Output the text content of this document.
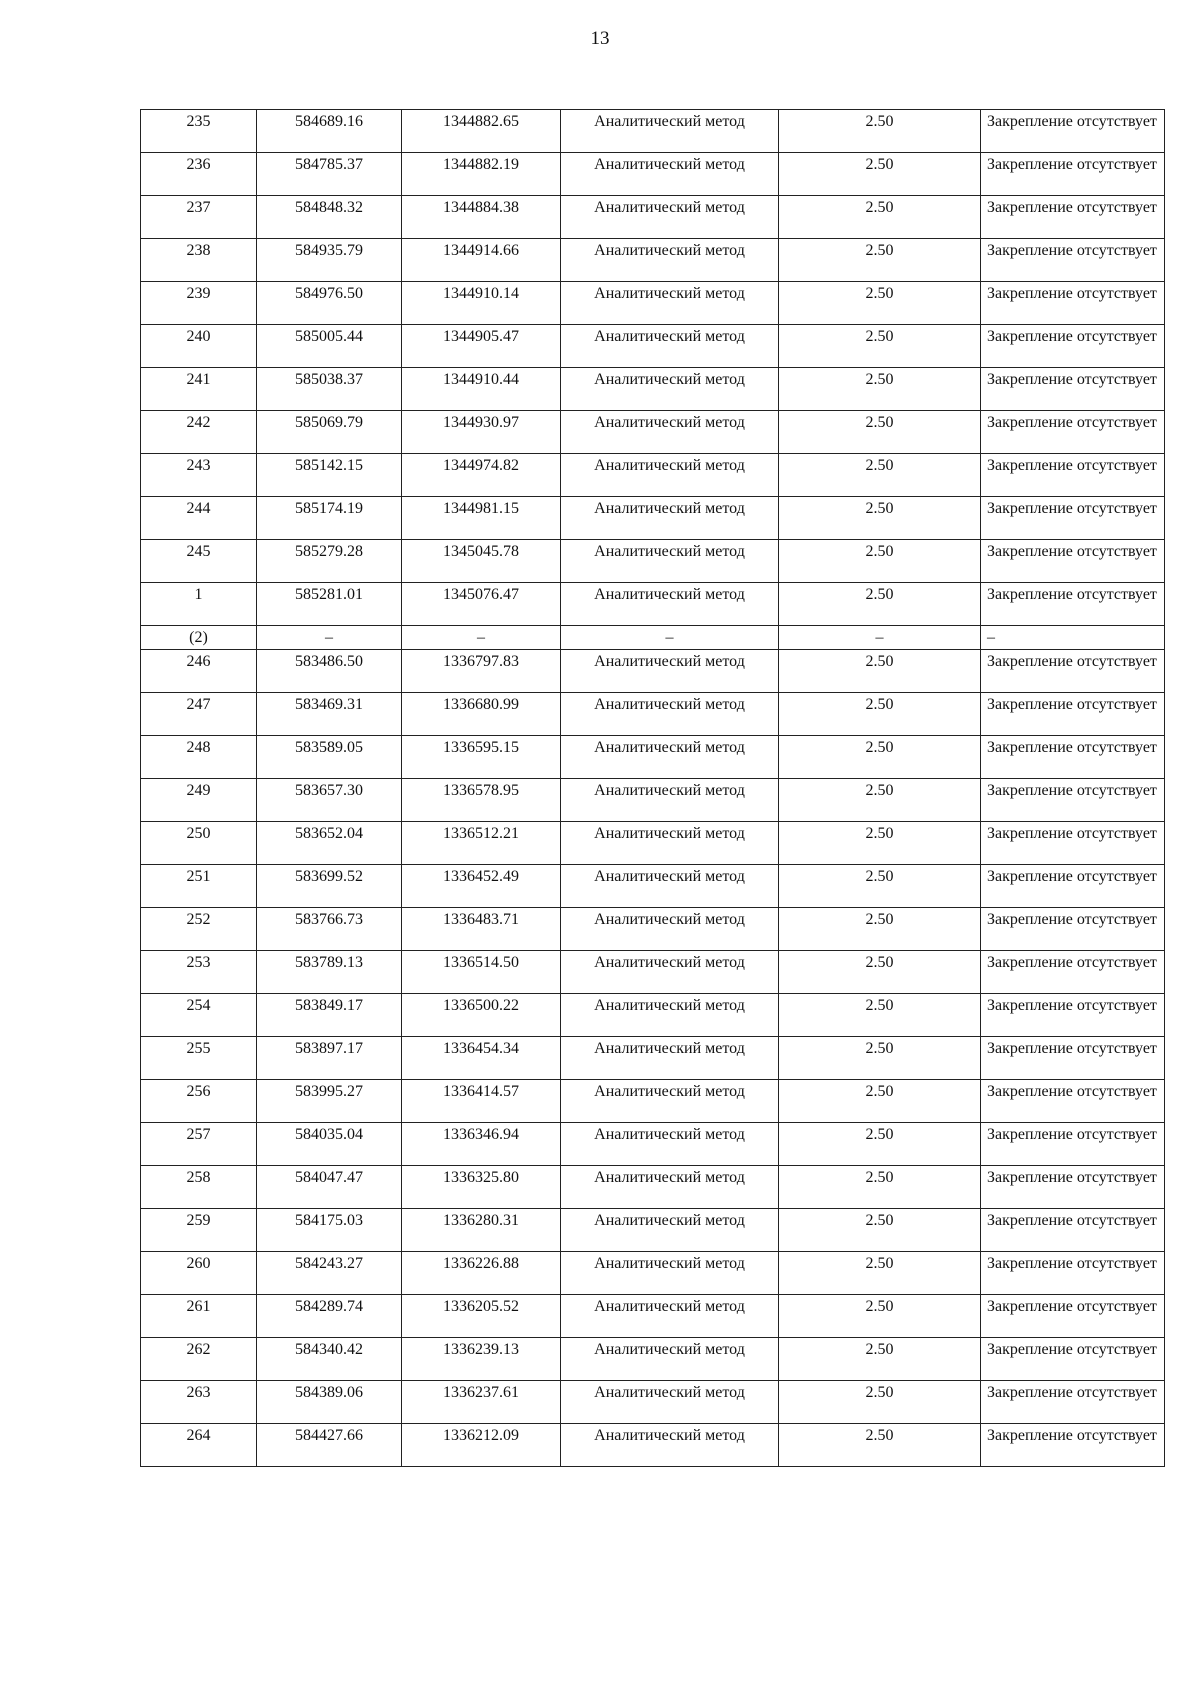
13
235	584689.16	1344882.65	Аналитический метод	2.50	Закрепление отсутствует
236	584785.37	1344882.19	Аналитический метод	2.50	Закрепление отсутствует
237	584848.32	1344884.38	Аналитический метод	2.50	Закрепление отсутствует
238	584935.79	1344914.66	Аналитический метод	2.50	Закрепление отсутствует
239	584976.50	1344910.14	Аналитический метод	2.50	Закрепление отсутствует
240	585005.44	1344905.47	Аналитический метод	2.50	Закрепление отсутствует
241	585038.37	1344910.44	Аналитический метод	2.50	Закрепление отсутствует
242	585069.79	1344930.97	Аналитический метод	2.50	Закрепление отсутствует
243	585142.15	1344974.82	Аналитический метод	2.50	Закрепление отсутствует
244	585174.19	1344981.15	Аналитический метод	2.50	Закрепление отсутствует
245	585279.28	1345045.78	Аналитический метод	2.50	Закрепление отсутствует
1	585281.01	1345076.47	Аналитический метод	2.50	Закрепление отсутствует
(2)	–	–	–	–	–
246	583486.50	1336797.83	Аналитический метод	2.50	Закрепление отсутствует
247	583469.31	1336680.99	Аналитический метод	2.50	Закрепление отсутствует
248	583589.05	1336595.15	Аналитический метод	2.50	Закрепление отсутствует
249	583657.30	1336578.95	Аналитический метод	2.50	Закрепление отсутствует
250	583652.04	1336512.21	Аналитический метод	2.50	Закрепление отсутствует
251	583699.52	1336452.49	Аналитический метод	2.50	Закрепление отсутствует
252	583766.73	1336483.71	Аналитический метод	2.50	Закрепление отсутствует
253	583789.13	1336514.50	Аналитический метод	2.50	Закрепление отсутствует
254	583849.17	1336500.22	Аналитический метод	2.50	Закрепление отсутствует
255	583897.17	1336454.34	Аналитический метод	2.50	Закрепление отсутствует
256	583995.27	1336414.57	Аналитический метод	2.50	Закрепление отсутствует
257	584035.04	1336346.94	Аналитический метод	2.50	Закрепление отсутствует
258	584047.47	1336325.80	Аналитический метод	2.50	Закрепление отсутствует
259	584175.03	1336280.31	Аналитический метод	2.50	Закрепление отсутствует
260	584243.27	1336226.88	Аналитический метод	2.50	Закрепление отсутствует
261	584289.74	1336205.52	Аналитический метод	2.50	Закрепление отсутствует
262	584340.42	1336239.13	Аналитический метод	2.50	Закрепление отсутствует
263	584389.06	1336237.61	Аналитический метод	2.50	Закрепление отсутствует
264	584427.66	1336212.09	Аналитический метод	2.50	Закрепление отсутствует
